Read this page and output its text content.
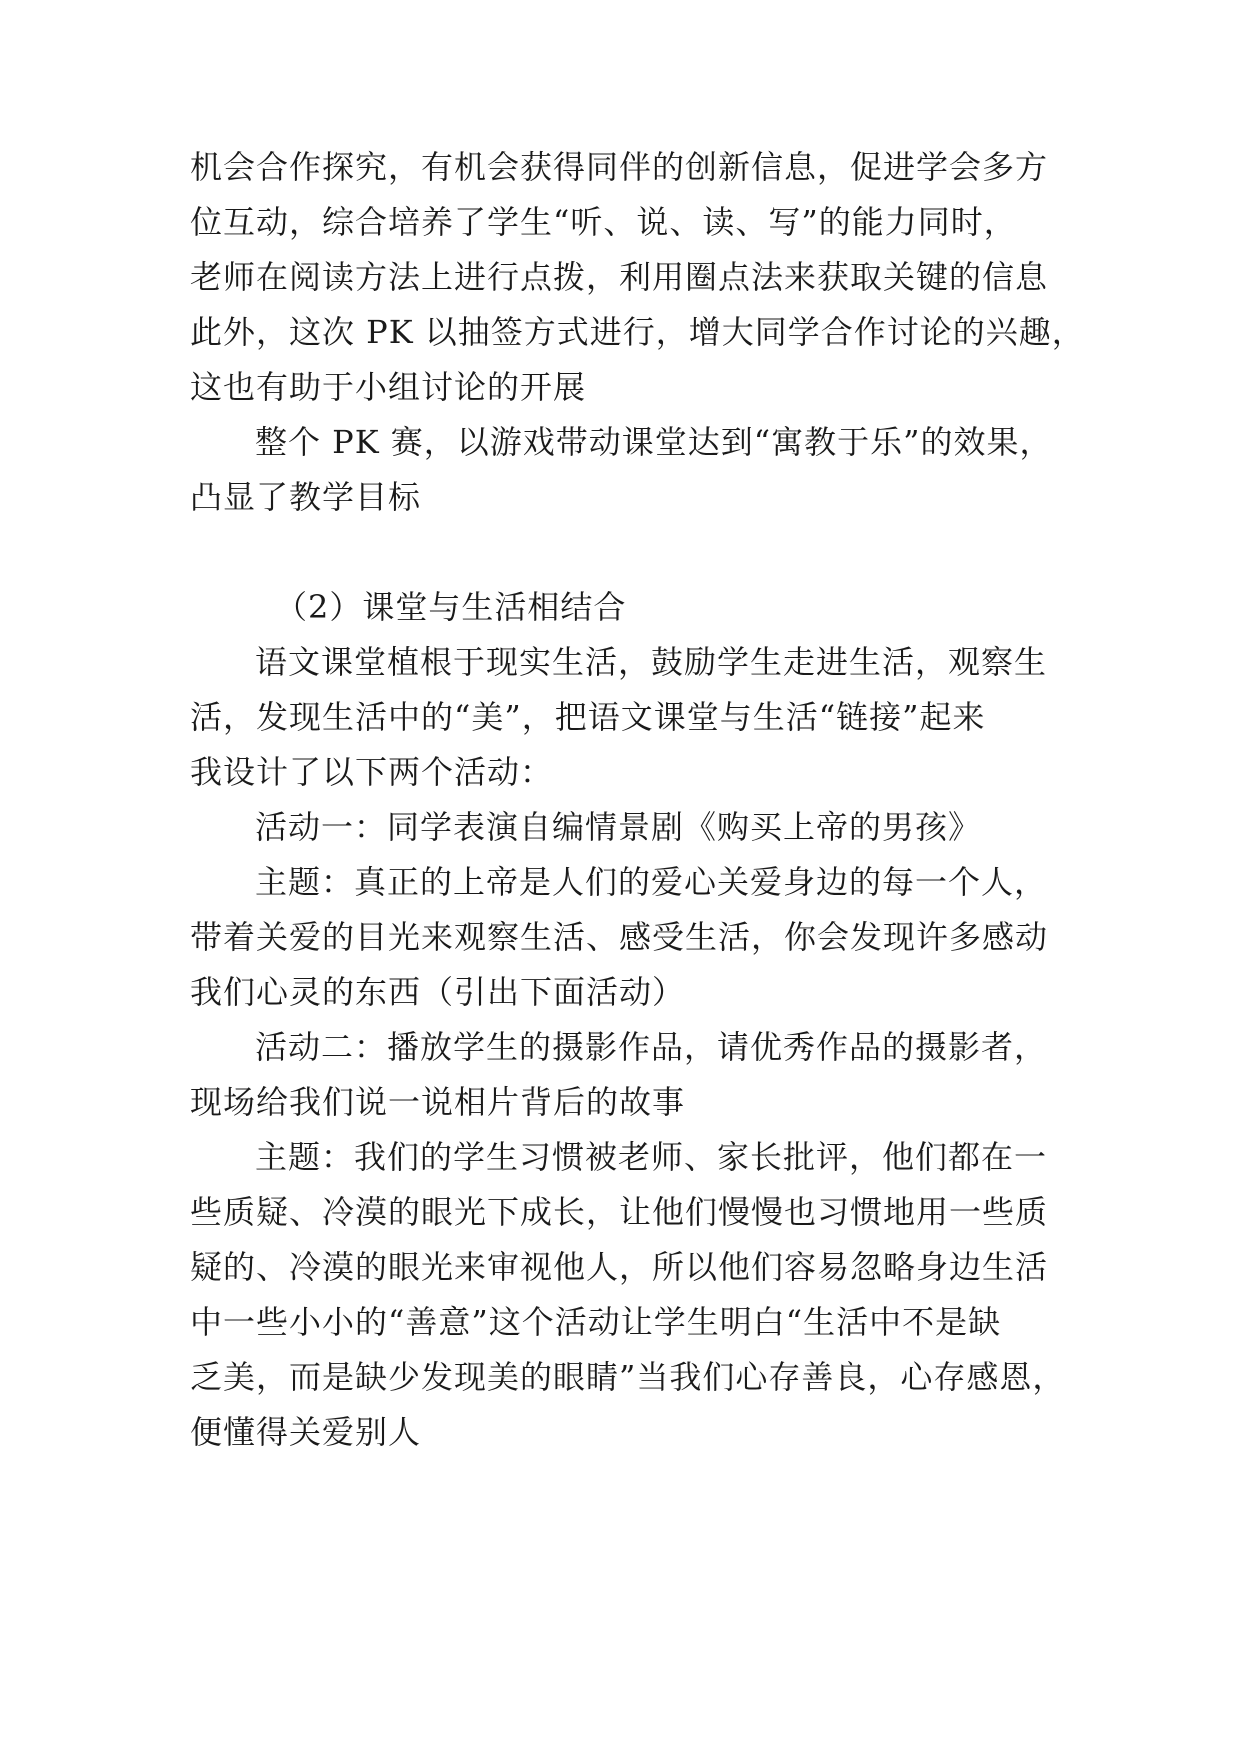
机会合作探究，有机会获得同伴的创新信息，促进学会多方
位互动，综合培养了学生“听、说、读、写”的能力同时，
老师在阅读方法上进行点拨，利用圈点法来获取关键的信息
此外，这次 PK 以抽签方式进行，增大同学合作讨论的兴趣，
这也有助于小组讨论的开展
整个 PK 赛，以游戏带动课堂达到“寓教于乐”的效果，
凸显了教学目标
（2）课堂与生活相结合
语文课堂植根于现实生活，鼓励学生走进生活，观察生
活，发现生活中的“美”，把语文课堂与生活“链接”起来
我设计了以下两个活动：
活动一：同学表演自编情景剧《购买上帝的男孩》
主题：真正的上帝是人们的爱心关爱身边的每一个人，
带着关爱的目光来观察生活、感受生活，你会发现许多感动
我们心灵的东西（引出下面活动）
活动二：播放学生的摄影作品，请优秀作品的摄影者，
现场给我们说一说相片背后的故事
主题：我们的学生习惯被老师、家长批评，他们都在一
些质疑、冷漠的眼光下成长，让他们慢慢也习惯地用一些质
疑的、冷漠的眼光来审视他人，所以他们容易忽略身边生活
中一些小小的“善意”这个活动让学生明白“生活中不是缺
乏美，而是缺少发现美的眼睛”当我们心存善良，心存感恩，
便懂得关爱别人
